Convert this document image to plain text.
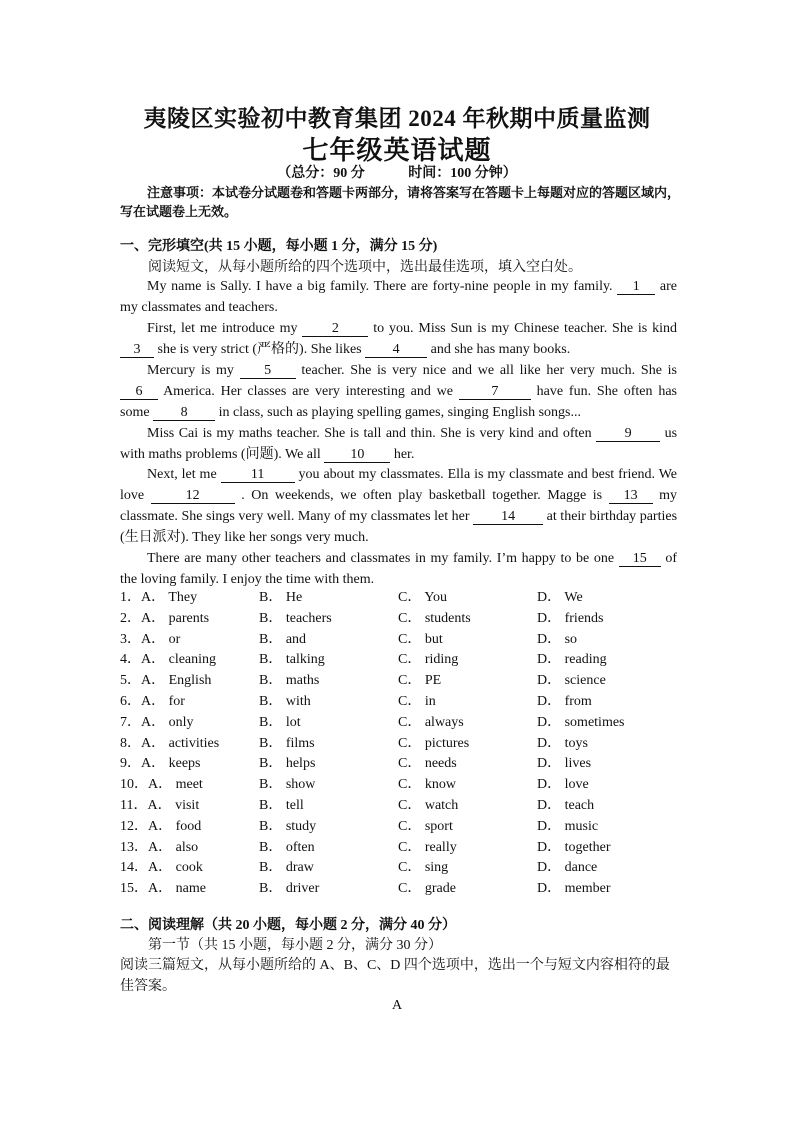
夷陵区实验初中教育集团 2024 年秋期中质量监测
七年级英语试题
（总分：90 分	时间：100 分钟）
注意事项：本试卷分试题卷和答题卡两部分，请将答案写在答题卡上每题对应的答题区域内，写在试题卷上无效。
一、完形填空(共 15 小题，每小题 1 分，满分 15 分)
阅读短文，从每小题所给的四个选项中，选出最佳选项，填入空白处。
My name is Sally. I have a big family. There are forty-nine people in my family. 1 are my classmates and teachers.
First, let me introduce my 2 to you. Miss Sun is my Chinese teacher. She is kind 3 she is very strict (严格的). She likes 4 and she has many books.
Mercury is my 5 teacher. She is very nice and we all like her very much. She is 6 America. Her classes are very interesting and we	7	have fun. She often has some 8 in class, such as playing spelling games, singing English songs...
Miss Cai is my maths teacher. She is tall and thin. She is very kind and often 9 us with maths problems (问题). We all 10 her.
Next, let me 11 you about my classmates. Ella is my classmate and best friend. We love	12	. On weekends, we often play basketball together. Magge is 13 my classmate. She sings very well. Many of my classmates let her 14 at their birthday parties (生日派对). They like her songs very much.
There are many other teachers and classmates in my family. I’m happy to be one 15 of the loving family. I enjoy the time with them.
1．A． They	B． He	C． You	D． We
2．A． parents	B． teachers	C． students	D． friends
3．A． or	B． and	C． but	D． so
4．A． cleaning	B． talking	C． riding	D． reading
5．A． English	B． maths	C． PE	D． science
6．A． for	B． with	C． in	D． from
7．A． only	B． lot	C． always	D． sometimes
8．A． activities	B． films	C． pictures	D． toys
9．A． keeps	B． helps	C． needs	D． lives
10．A． meet	B． show	C． know	D． love
11．A． visit	B． tell	C． watch	D． teach
12．A． food	B． study	C． sport	D． music
13．A． also	B． often	C． really	D． together
14．A． cook	B． draw	C． sing	D． dance
15．A． name	B． driver	C． grade	D． member
二、阅读理解（共 20 小题，每小题 2 分，满分 40 分）
第一节（共 15 小题，每小题 2 分，满分 30 分）
阅读三篇短文，从每小题所给的 A、B、C、D 四个选项中，选出一个与短文内容相符的最佳答案。
A
